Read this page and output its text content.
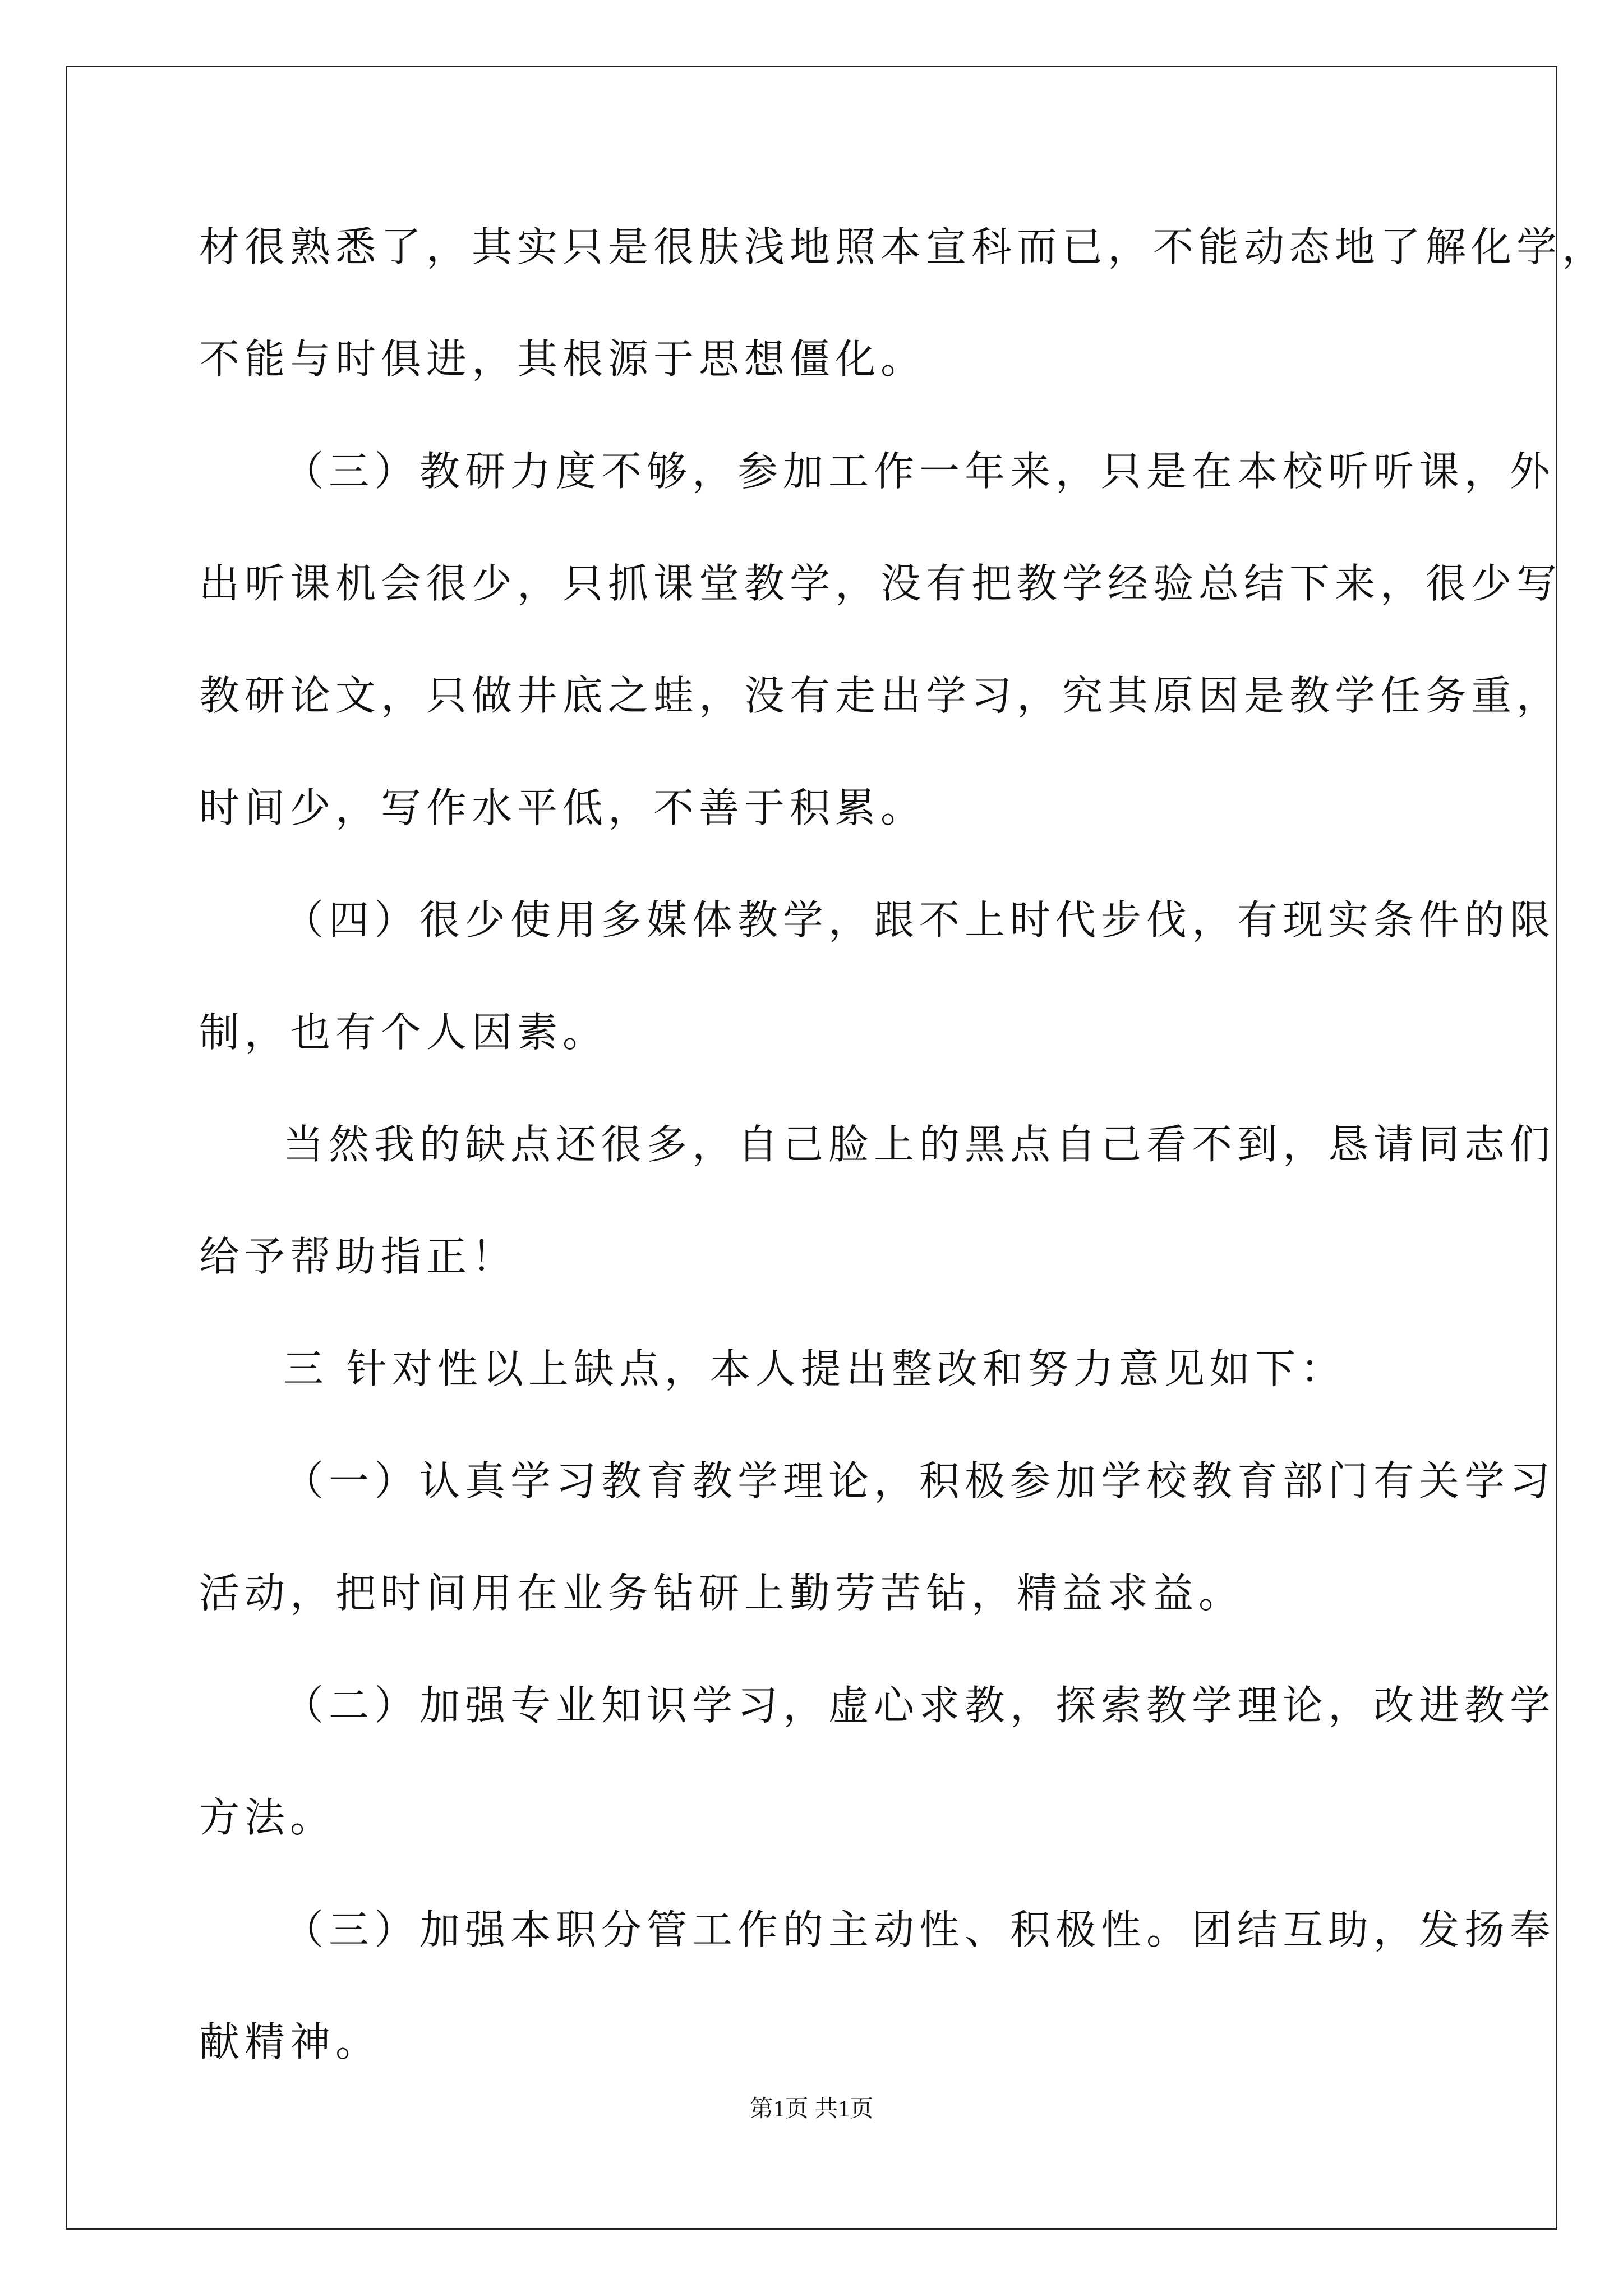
材很熟悉了，其实只是很肤浅地照本宣科而已，不能动态地了解化学，
不能与时俱进，其根源于思想僵化。
（三）教研力度不够，参加工作一年来，只是在本校听听课，外
出听课机会很少，只抓课堂教学，没有把教学经验总结下来，很少写
教研论文，只做井底之蛙，没有走出学习，究其原因是教学任务重，
时间少，写作水平低，不善于积累。
（四）很少使用多媒体教学，跟不上时代步伐，有现实条件的限
制，也有个人因素。
当然我的缺点还很多，自己脸上的黑点自己看不到，恳请同志们
给予帮助指正！
三 针对性以上缺点，本人提出整改和努力意见如下：
（一）认真学习教育教学理论，积极参加学校教育部门有关学习
活动，把时间用在业务钻研上勤劳苦钻，精益求益。
（二）加强专业知识学习，虚心求教，探索教学理论，改进教学
方法。
（三）加强本职分管工作的主动性、积极性。团结互助，发扬奉
献精神。
第1页 共1页
